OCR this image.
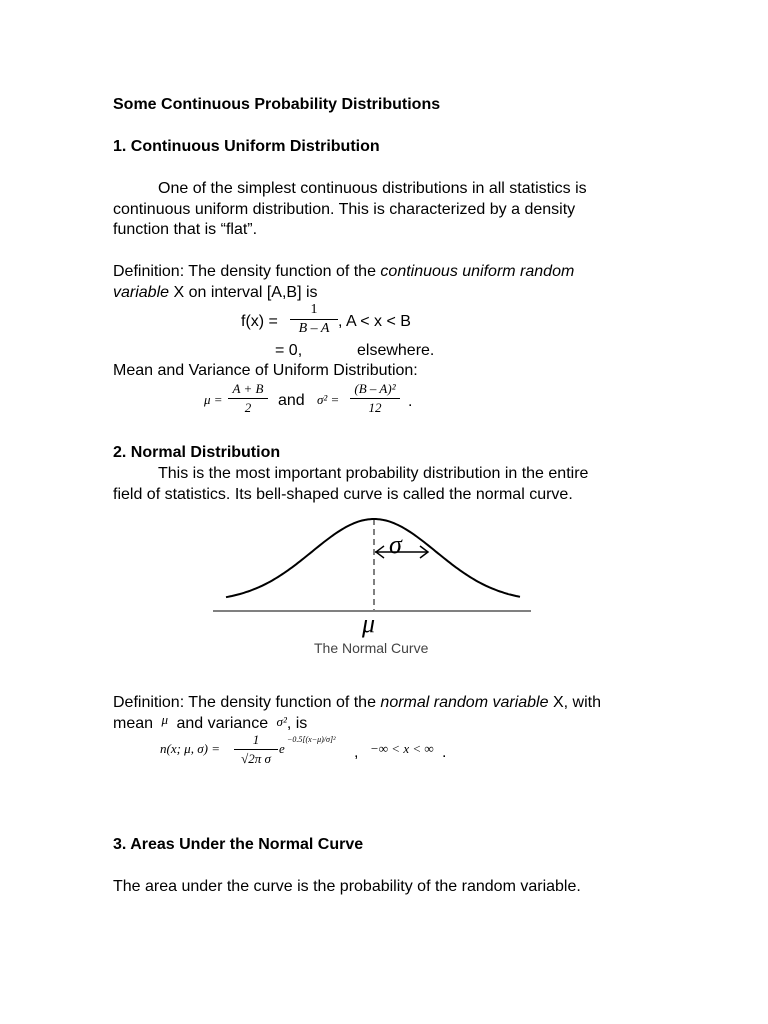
Some Continuous Probability Distributions
1. Continuous Uniform Distribution
One of the simplest continuous distributions in all statistics is
continuous uniform distribution. This is characterized by a density
function that is “flat”.
Definition: The density function of the continuous uniform random
variable X on interval [A,B] is
f(x) =
1
B – A , A < x < B
= 0,	elsewhere.
Mean and Variance of Uniform Distribution:
μ =
A + B
2	and σ² =
(B – A)²
12	.
2. Normal Distribution
This is the most important probability distribution in the entire
field of statistics. Its bell-shaped curve is called the normal curve.
σ
μ
The Normal Curve
Definition: The density function of the normal random variable X, with
mean $^\mu$ and variance σ², is
n(x; μ, σ) =
1
√2π σ
e
−0.5[(x−μ)/σ]²
, −∞ < x < ∞ .
3. Areas Under the Normal Curve
The area under the curve is the probability of the random variable.
